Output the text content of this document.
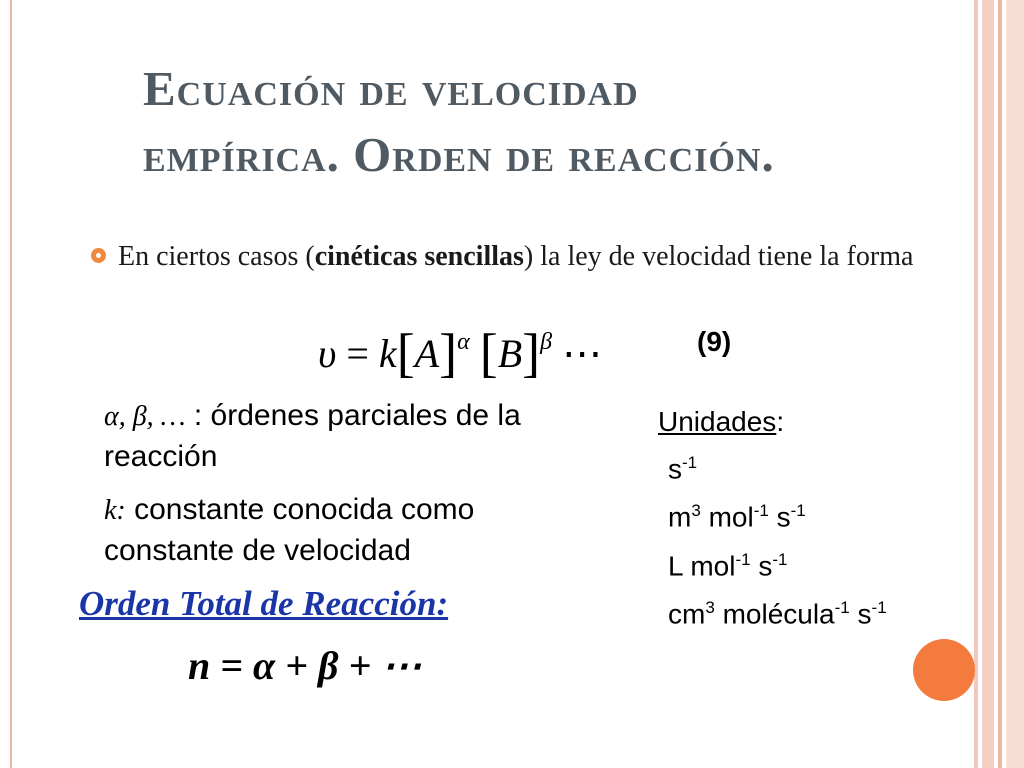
Ecuación de velocidad
empírica. Orden de reacción.
En ciertos casos (cinéticas sencillas) la ley de velocidad tiene la forma
$\upsilon = k[A]^\alpha$ $[B]^\beta$ ⋯	(9)
α, β, … : órdenes parciales de la reacción
k: constante conocida como constante de velocidad
Unidades:
$s^{-1}$
$m^3$ mol$^{-1}$ $s^{-1}$
L mol$^{-1}$ $s^{-1}$
$cm^3$ molécula$^{-1}$ $s^{-1}$
Orden Total de Reacción:
n = α + β + ⋯
